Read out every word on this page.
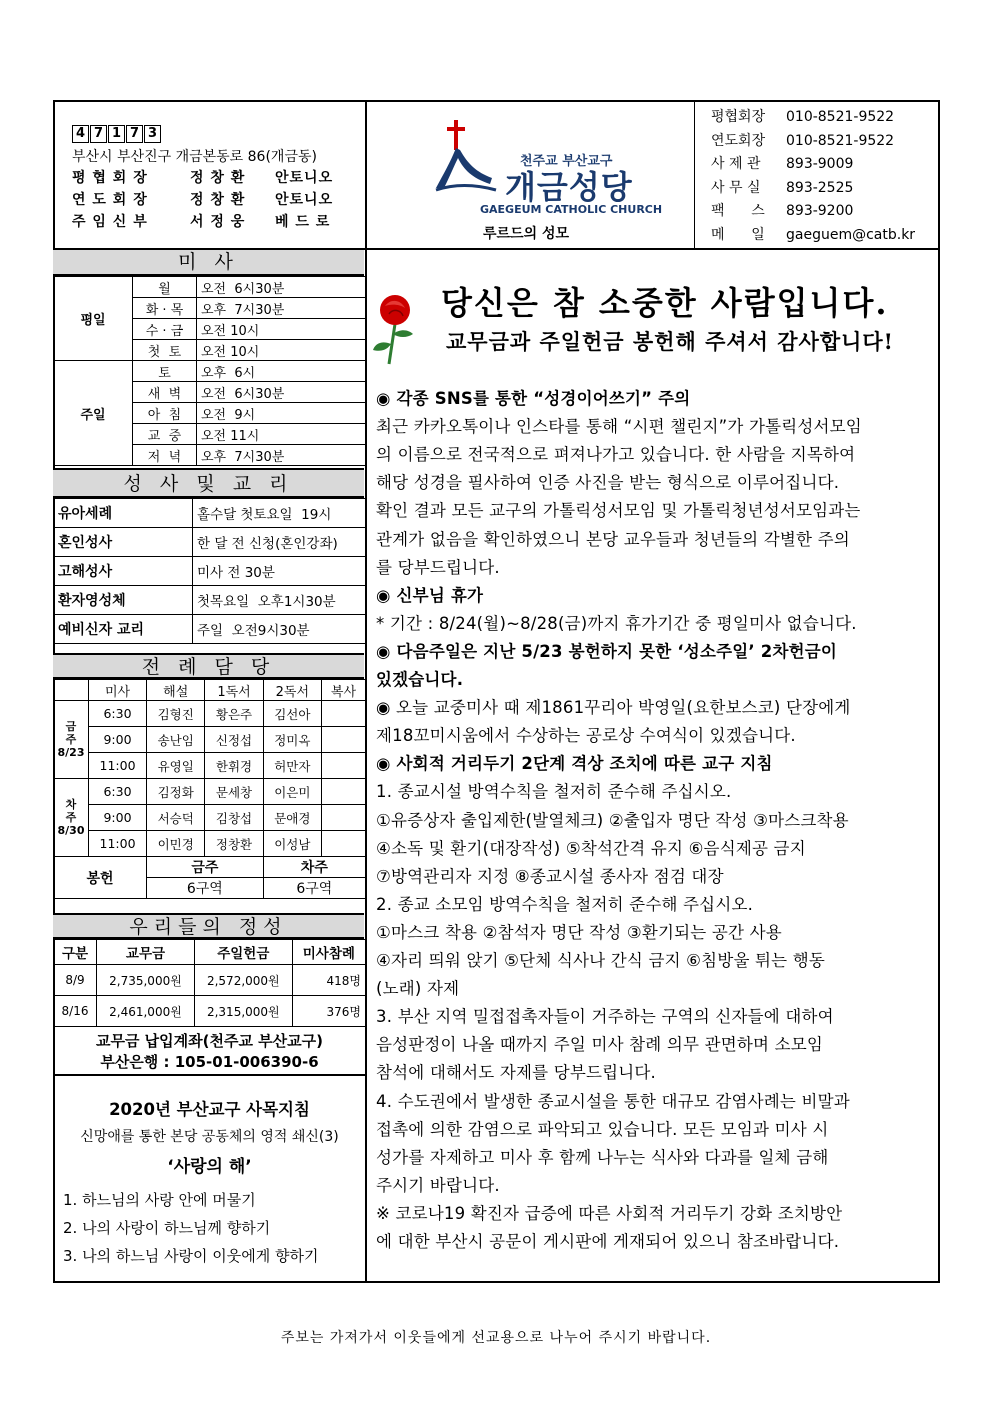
4 7 1 7 3
부산시 부산진구 개금본동로 86(개금동)
평 협 회 장	정 창 환	안토니오
연 도 회 장	정 창 환	안토니오
주 임 신 부	서 정 웅	베 드 로
천주교 부산교구
개금성당
GAEGEUM CATHOLIC CHURCH
루르드의 성모
평협회장	010-8521-9522
연도회장	010-8521-9522
사 제 관	893-9009
사 무 실	893-2525
팩      스	893-9200
메      일	gaeguem@catb.kr
미 사
평일	월	오전  6시30분
	화 · 목	오후  7시30분
	수 · 금	오전 10시
	첫  토	오전 10시
주일	토	오후  6시
	새  벽	오전  6시30분
	아  침	오전  9시
	교  중	오전 11시
	저  녁	오후  7시30분
성 사 및 교 리
유아세례	홀수달 첫토요일  19시
혼인성사	한 달 전 신청(혼인강좌)
고해성사	미사 전 30분
환자영성체	첫목요일  오후1시30분
예비신자 교리	주일  오전9시30분
전 례 담 당
	미사	해설	1독서	2독서	복사
금
주
8/23	6:30	김형진	황은주	김선아	
	9:00	송난임	신정섭	정미옥	
	11:00	유영일	한휘경	허만자	
차
주
8/30	6:30	김정화	문세창	이은미	
	9:00	서승덕	김창섭	문애경	
	11:00	이민경	정창환	이성남	
봉헌		금주		차주	
		6구역		6구역	
우리들의 정성
구분	교무금	주일헌금	미사참례
8/9	2,735,000원	2,572,000원	418명
8/16	2,461,000원	2,315,000원	376명
교무금 납입계좌(천주교 부산교구)
부산은행 : 105-01-006390-6
2020년 부산교구 사목지침
신망애를 통한 본당 공동체의 영적 쇄신(3)
‘사랑의 해’
1. 하느님의 사랑 안에 머물기
2. 나의 사랑이 하느님께 향하기
3. 나의 하느님 사랑이 이웃에게 향하기
당신은 참 소중한 사람입니다.
교무금과 주일헌금 봉헌해 주셔서 감사합니다!
◉ 각종 SNS를 통한 “성경이어쓰기” 주의
최근 카카오톡이나 인스타를 통해 “시편 챌린지”가 가톨릭성서모임
의 이름으로 전국적으로 펴져나가고 있습니다. 한 사람을 지목하여
해당 성경을 필사하여 인증 사진을 받는 형식으로 이루어집니다.
확인 결과 모든 교구의 가톨릭성서모임 및 가톨릭청년성서모임과는
관계가 없음을 확인하였으니 본당 교우들과 청년들의 각별한 주의
를 당부드립니다.
◉ 신부님 휴가
* 기간 : 8/24(월)~8/28(금)까지 휴가기간 중 평일미사 없습니다.
◉ 다음주일은 지난 5/23 봉헌하지 못한 ‘성소주일’ 2차헌금이
있겠습니다.
◉ 오늘 교중미사 때 제1861꾸리아 박영일(요한보스코) 단장에게
제18꼬미시움에서 수상하는 공로상 수여식이 있겠습니다.
◉ 사회적 거리두기 2단계 격상 조치에 따른 교구 지침
1. 종교시설 방역수칙을 철저히 준수해 주십시오.
①유증상자 출입제한(발열체크) ②출입자 명단 작성 ③마스크착용
④소독 및 환기(대장작성) ⑤착석간격 유지 ⑥음식제공 금지
⑦방역관리자 지정 ⑧종교시설 종사자 점검 대장
2. 종교 소모임 방역수칙을 철저히 준수해 주십시오.
①마스크 착용 ②참석자 명단 작성 ③환기되는 공간 사용
④자리 띄워 앉기 ⑤단체 식사나 간식 금지 ⑥침방울 튀는 행동
(노래) 자제
3. 부산 지역 밀접접촉자들이 거주하는 구역의 신자들에 대하여
음성판정이 나올 때까지 주일 미사 참례 의무 관면하며 소모임
참석에 대해서도 자제를 당부드립니다.
4. 수도권에서 발생한 종교시설을 통한 대규모 감염사례는 비말과
접촉에 의한 감염으로 파악되고 있습니다. 모든 모임과 미사 시
성가를 자제하고 미사 후 함께 나누는 식사와 다과를 일체 금해
주시기 바랍니다.
※ 코로나19 확진자 급증에 따른 사회적 거리두기 강화 조치방안
에 대한 부산시 공문이 게시판에 게재되어 있으니 참조바랍니다.
주보는 가져가서 이웃들에게 선교용으로 나누어 주시기 바랍니다.
